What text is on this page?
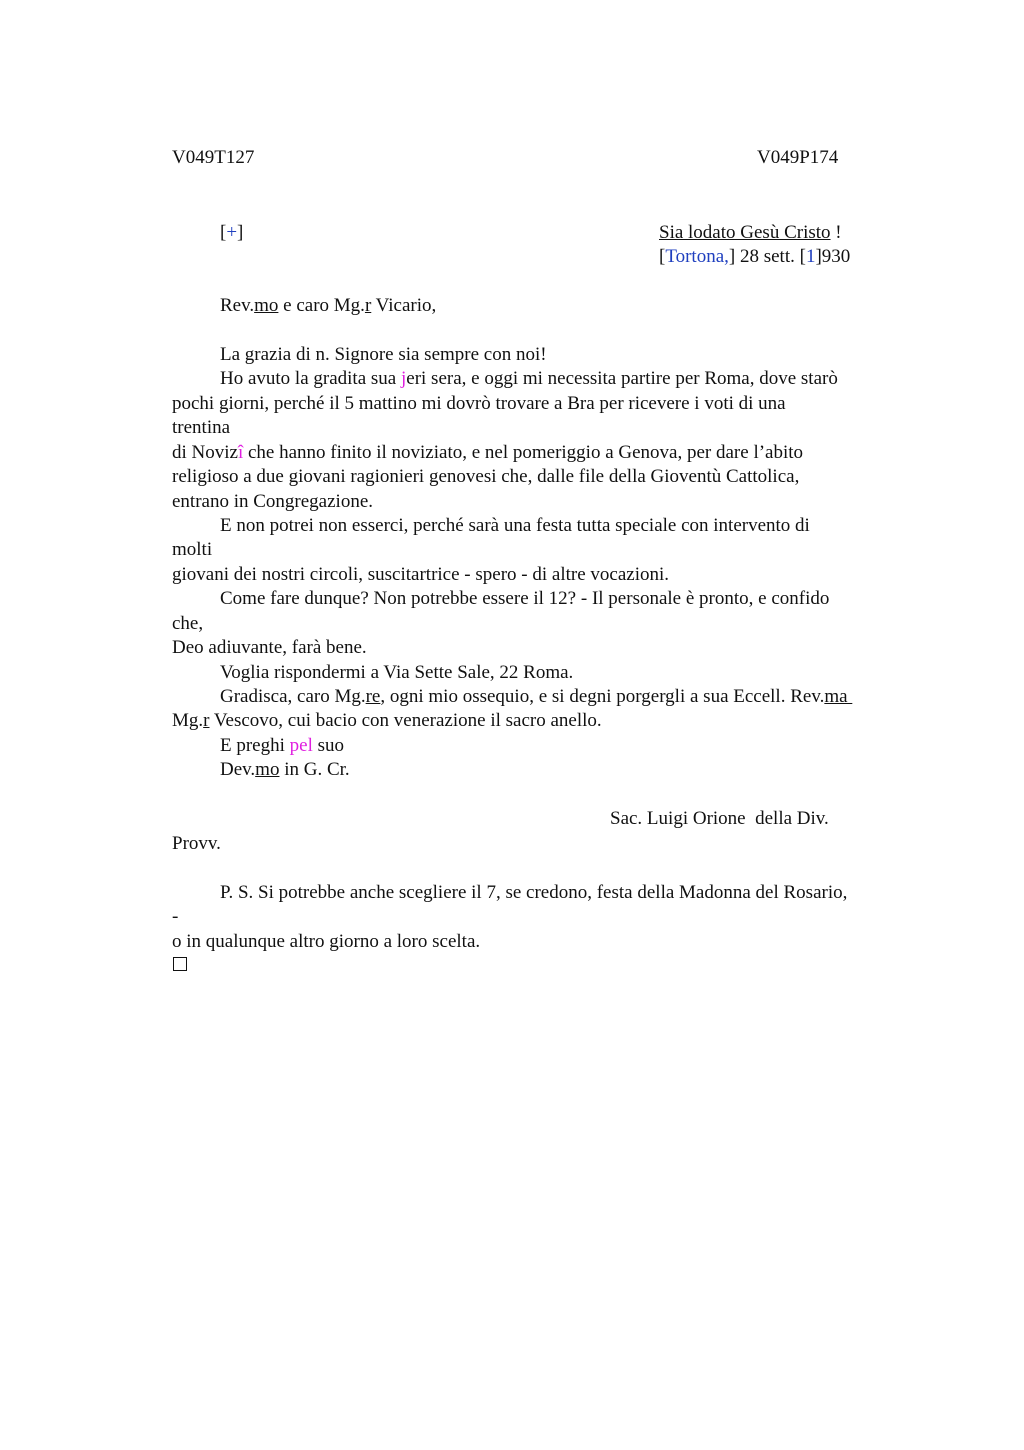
V049T127	V049P174
[+]	Sia lodato Gesù Cristo !
[Tortona,] 28 sett. [1]930
Rev.mo e caro Mg.r Vicario,
La grazia di n. Signore sia sempre con noi!
Ho avuto la gradita sua jeri sera, e oggi mi necessita partire per Roma, dove starò
pochi giorni, perché il 5 mattino mi dovrò trovare a Bra per ricevere i voti di una
trentina
di Novizî che hanno finito il noviziato, e nel pomeriggio a Genova, per dare l’abito
religioso a due giovani ragionieri genovesi che, dalle file della Gioventù Cattolica,
entrano in Congregazione.
E non potrei non esserci, perché sarà una festa tutta speciale con intervento di
molti
giovani dei nostri circoli, suscitartrice - spero - di altre vocazioni.
Come fare dunque? Non potrebbe essere il 12? - Il personale è pronto, e confido
che,
Deo adiuvante, farà bene.
Voglia rispondermi a Via Sette Sale, 22 Roma.
Gradisca, caro Mg.re, ogni mio ossequio, e si degni porgergli a sua Eccell. Rev.ma
Mg.r Vescovo, cui bacio con venerazione il sacro anello.
E preghi pel suo
Dev.mo in G. Cr.
Sac. Luigi Orione  della Div.
Provv.
P. S. Si potrebbe anche scegliere il 7, se credono, festa della Madonna del Rosario,
-
o in qualunque altro giorno a loro scelta.
